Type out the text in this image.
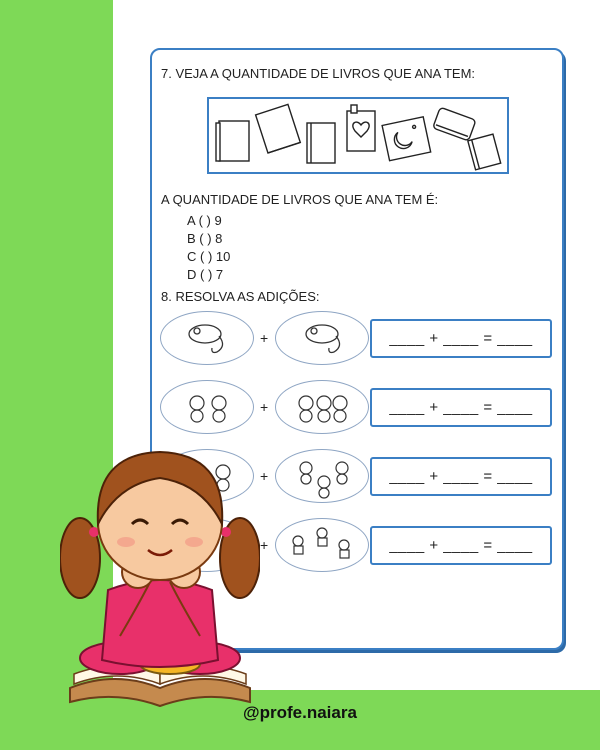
7. VEJA A QUANTIDADE DE LIVROS QUE ANA TEM:
A QUANTIDADE DE LIVROS QUE ANA TEM É:
A ( ) 9
B ( ) 8
C ( ) 10
D ( ) 7
8. RESOLVA AS ADIÇÕES:
+	____ + ____ = ____
+	____ + ____ = ____
+	____ + ____ = ____
+	____ + ____ = ____
@profe.naiara
